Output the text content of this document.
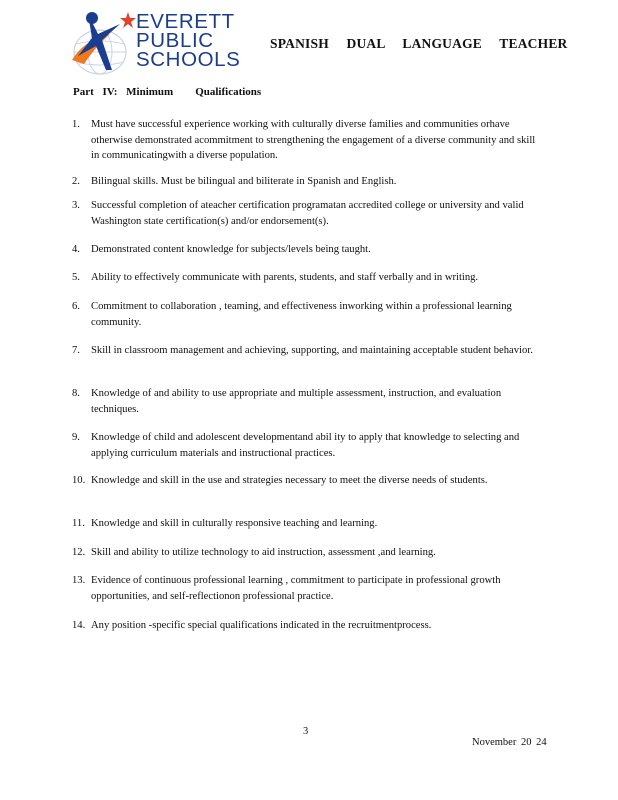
EVERETT
PUBLIC
SCHOOLS
SPANISH DUAL LANGUAGE TEACHER
Part IV: Minimum Qualifications
1.	Must have successful experience working with culturally diverse families and communities orhave otherwise demonstrated acommitment to strengthening the engagement of a diverse community and skill in communicatingwith a diverse population.
2.	Bilingual skills. Must be bilingual and biliterate in Spanish and English.
3.	Successful completion of ateacher certification programatan accredited college or university and valid Washington state certification(s) and/or endorsement(s).
4.	Demonstrated content knowledge for subjects/levels being taught.
5.	Ability to effectively communicate with parents, students, and staff verbally and in writing.
6.	Commitment to collaboration , teaming, and effectiveness inworking within a professional learning community.
7.	Skill in classroom management and achieving, supporting, and maintaining acceptable student behavior.
8.	Knowledge of and ability to use appropriate and multiple assessment, instruction, and evaluation techniques.
9.	Knowledge of child and adolescent developmentand abil ity to apply that knowledge to selecting and applying curriculum materials and instructional practices.
10. Knowledge and skill in the use and strategies necessary to meet the diverse needs of students.
11. Knowledge and skill in culturally responsive teaching and learning.
12. Skill and ability to utilize technology to aid instruction, assessment ,and learning.
13. Evidence of continuous professional learning , commitment to participate in professional growth opportunities, and self-reflectionon professional practice.
14. Any position -specific special qualifications indicated in the recruitmentprocess.
3
November 20 24
